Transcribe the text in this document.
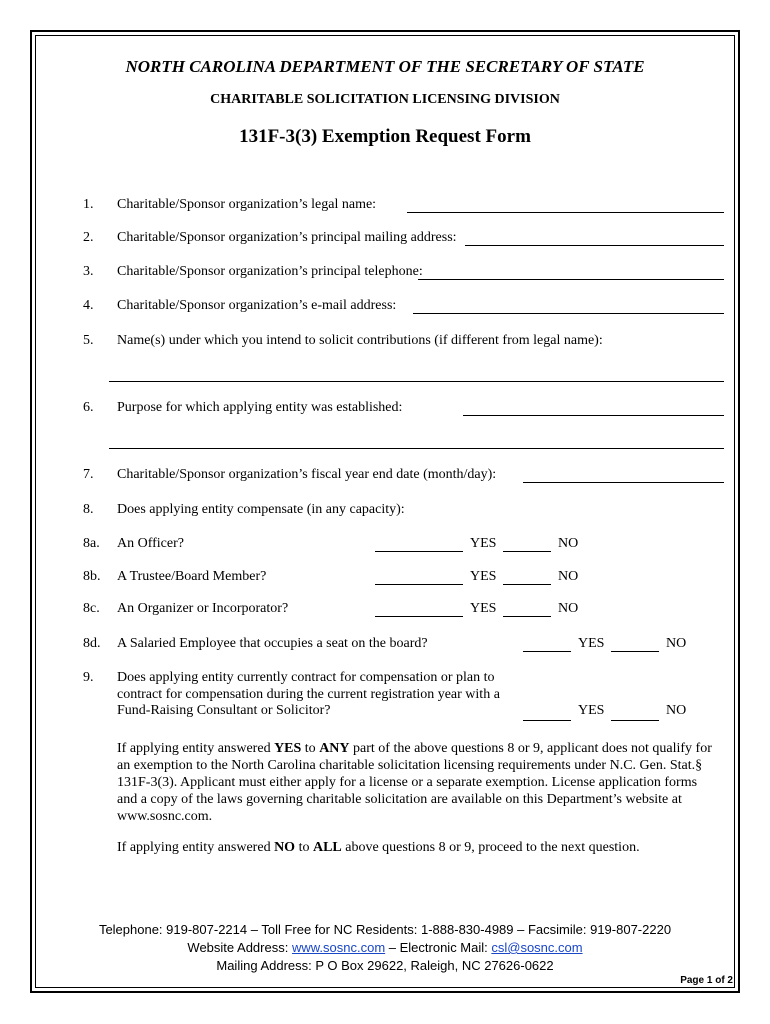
NORTH CAROLINA DEPARTMENT OF THE SECRETARY OF STATE
CHARITABLE SOLICITATION LICENSING DIVISION
131F-3(3) Exemption Request Form
1. Charitable/Sponsor organization’s legal name:
2. Charitable/Sponsor organization’s principal mailing address:
3. Charitable/Sponsor organization’s principal telephone:
4. Charitable/Sponsor organization’s e-mail address:
5. Name(s) under which you intend to solicit contributions (if different from legal name):
6. Purpose for which applying entity was established:
7. Charitable/Sponsor organization’s fiscal year end date (month/day):
8. Does applying entity compensate (in any capacity):
8a. An Officer?	YES	NO
8b. A Trustee/Board Member?	YES	NO
8c. An Organizer or Incorporator?	YES	NO
8d. A Salaried Employee that occupies a seat on the board?	YES	NO
9. Does applying entity currently contract for compensation or plan to
contract for compensation during the current registration year with a
Fund-Raising Consultant or Solicitor?	YES	NO
If applying entity answered YES to ANY part of the above questions 8 or 9, applicant does not qualify for an exemption to the North Carolina charitable solicitation licensing requirements under N.C. Gen. Stat.§ 131F-3(3). Applicant must either apply for a license or a separate exemption. License application forms and a copy of the laws governing charitable solicitation are available on this Department’s website at www.sosnc.com.
If applying entity answered NO to ALL above questions 8 or 9, proceed to the next question.
Telephone: 919-807-2214 – Toll Free for NC Residents: 1-888-830-4989 – Facsimile: 919-807-2220
Website Address: www.sosnc.com – Electronic Mail: csl@sosnc.com
Mailing Address: P O Box 29622, Raleigh, NC 27626-0622
Page 1 of 2
